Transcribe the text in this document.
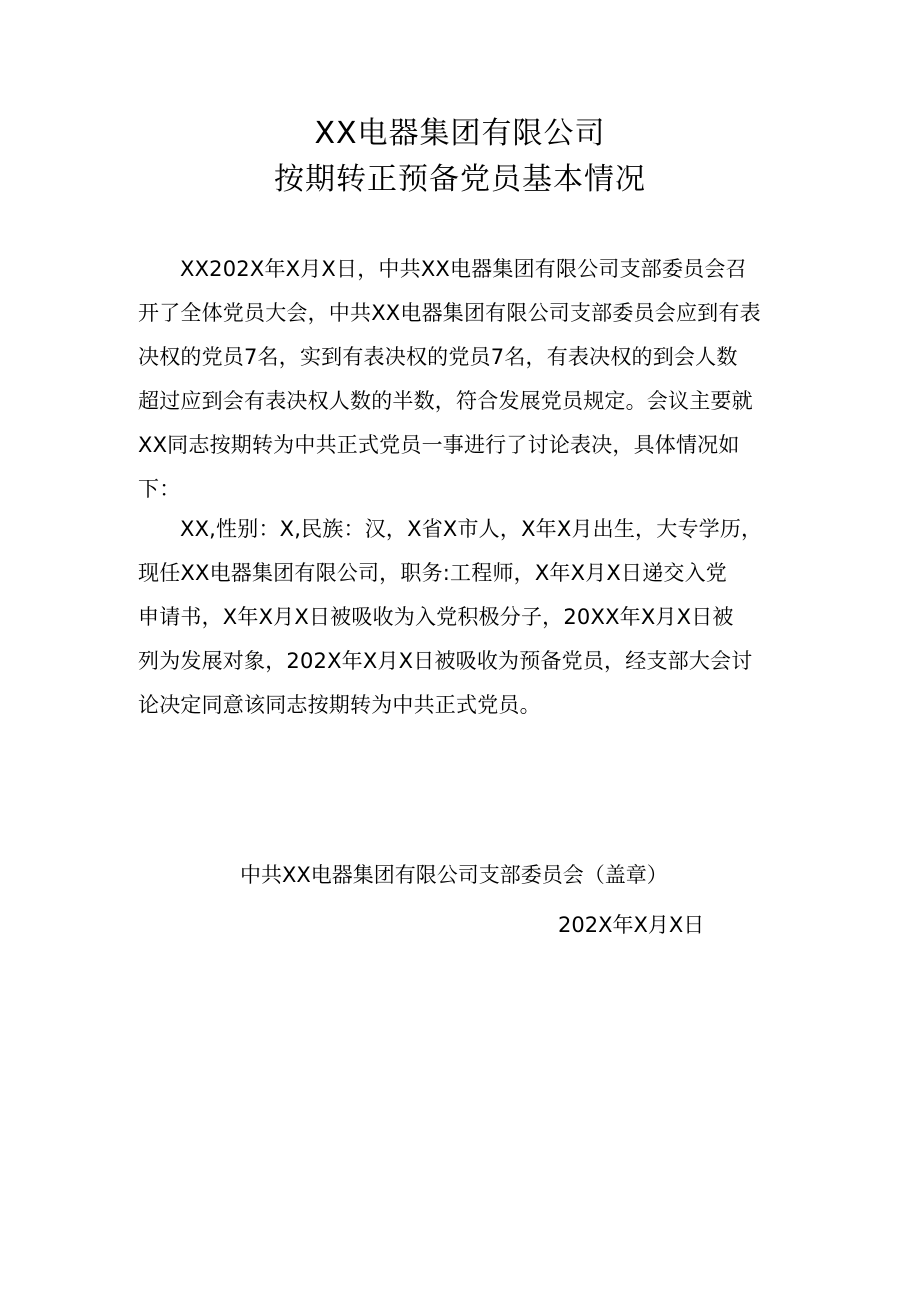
XX电器集团有限公司
按期转正预备党员基本情况
XX202X年X月X日，中共XX电器集团有限公司支部委员会召
开了全体党员大会，中共XX电器集团有限公司支部委员会应到有表
决权的党员7名，实到有表决权的党员7名，有表决权的到会人数
超过应到会有表决权人数的半数，符合发展党员规定。会议主要就
XX同志按期转为中共正式党员一事进行了讨论表决，具体情况如
下：
XX,性别：X,民族：汉，X省X市人，X年X月出生，大专学历，
现任XX电器集团有限公司，职务:工程师，X年X月X日递交入党
申请书，X年X月X日被吸收为入党积极分子，20XX年X月X日被
列为发展对象，202X年X月X日被吸收为预备党员，经支部大会讨
论决定同意该同志按期转为中共正式党员。
中共XX电器集团有限公司支部委员会（盖章）
202X年X月X日
